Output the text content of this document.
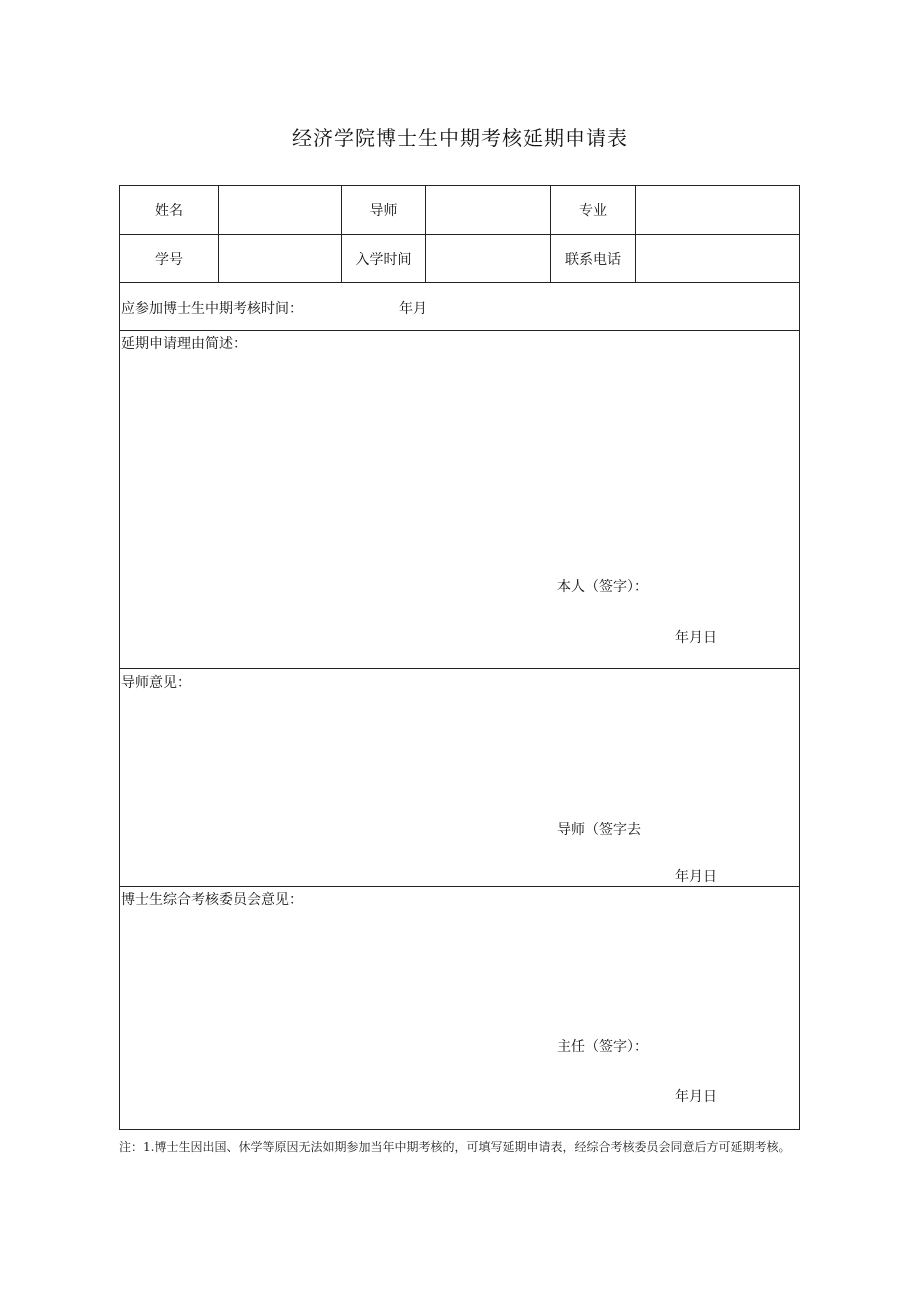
经济学院博士生中期考核延期申请表
姓名	导师	专业
学号	入学时间	联系电话
应参加博士生中期考核时间：	年月
延期申请理由简述：
本人（签字）：
年月日
导师意见：
导师（签字去
年月日
博士生综合考核委员会意见：
主任（签字）：
年月日
注：1.博士生因出国、休学等原因无法如期参加当年中期考核的，可填写延期申请表，经综合考核委员会同意后方可延期考核。
